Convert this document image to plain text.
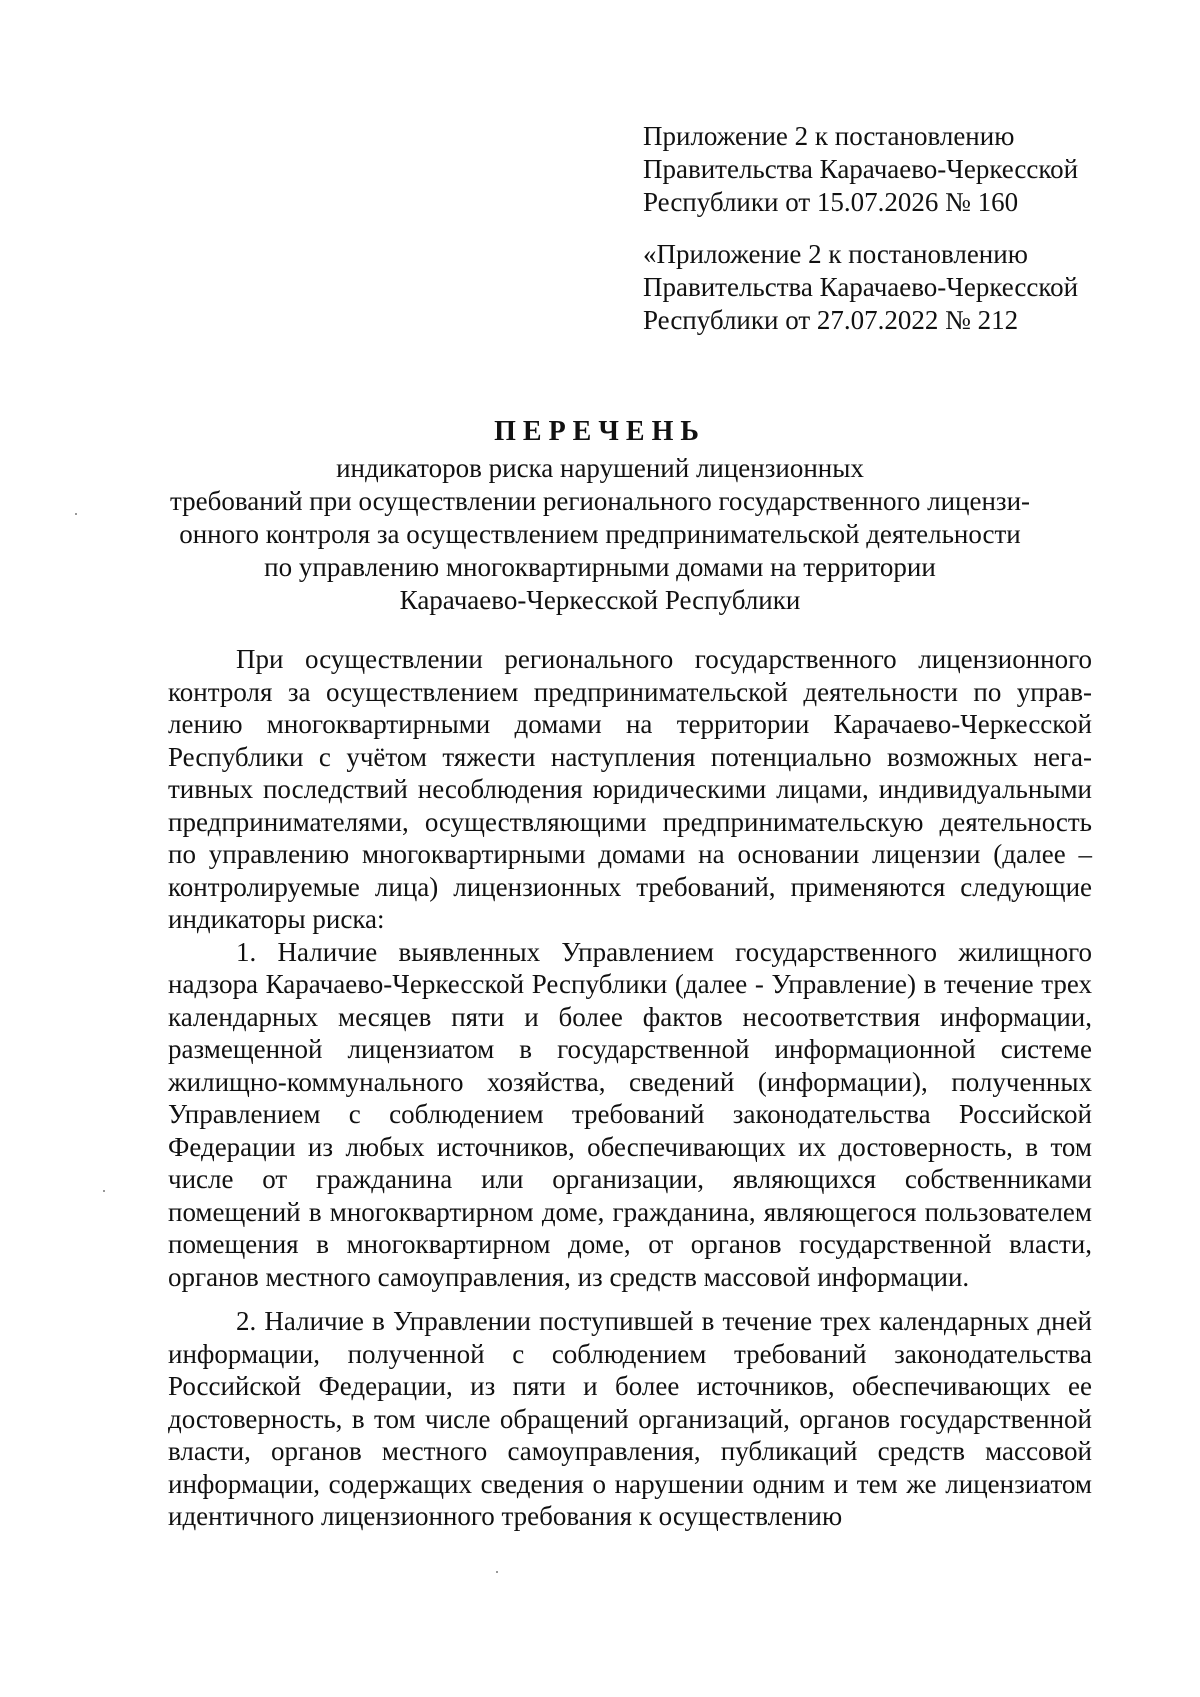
Приложение 2 к постановлению
Правительства Карачаево-Черкесской
Республики от 15.07.2026 № 160
«Приложение 2 к постановлению
Правительства Карачаево-Черкесской
Республики от 27.07.2022 № 212
ПЕРЕЧЕНЬ
индикаторов риска нарушений лицензионных
требований при осуществлении регионального государственного лицензи-
онного контроля за осуществлением предпринимательской деятельности
по управлению многоквартирными домами на территории
Карачаево-Черкесской Республики

При осуществлении регионального государственного лицензионного контроля за осуществлением предпринимательской деятельности по управлению многоквартирными домами на территории Карачаево-Черкесской Республики с учётом тяжести наступления потенциально возможных негативных последствий несоблюдения юридическими лицами, индивидуальными предпринимателями, осуществляющими предпринимательскую деятельность по управлению многоквартирными домами на основании лицензии (далее – контролируемые лица) лицензионных требований, применяются следующие индикаторы риска:

1. Наличие выявленных Управлением государственного жилищного надзора Карачаево-Черкесской Республики (далее - Управление) в течение трех календарных месяцев пяти и более фактов несоответствия информации, размещенной лицензиатом в государственной информационной системе жилищно-коммунального хозяйства, сведений (информации), полученных Управлением с соблюдением требований законодательства Российской Федерации из любых источников, обеспечивающих их достоверность, в том числе от гражданина или организации, являющихся собственниками помещений в многоквартирном доме, гражданина, являющегося пользователем помещения в многоквартирном доме, от органов государственной власти, органов местного самоуправления, из средств массовой информации.

2. Наличие в Управлении поступившей в течение трех календарных дней информации, полученной с соблюдением требований законодательства Российской Федерации, из пяти и более источников, обеспечивающих ее достоверность, в том числе обращений организаций, органов государственной власти, органов местного самоуправления, публикаций средств массовой информации, содержащих сведения о нарушении одним и тем же лицензиатом идентичного лицензионного требования к осуществлению
